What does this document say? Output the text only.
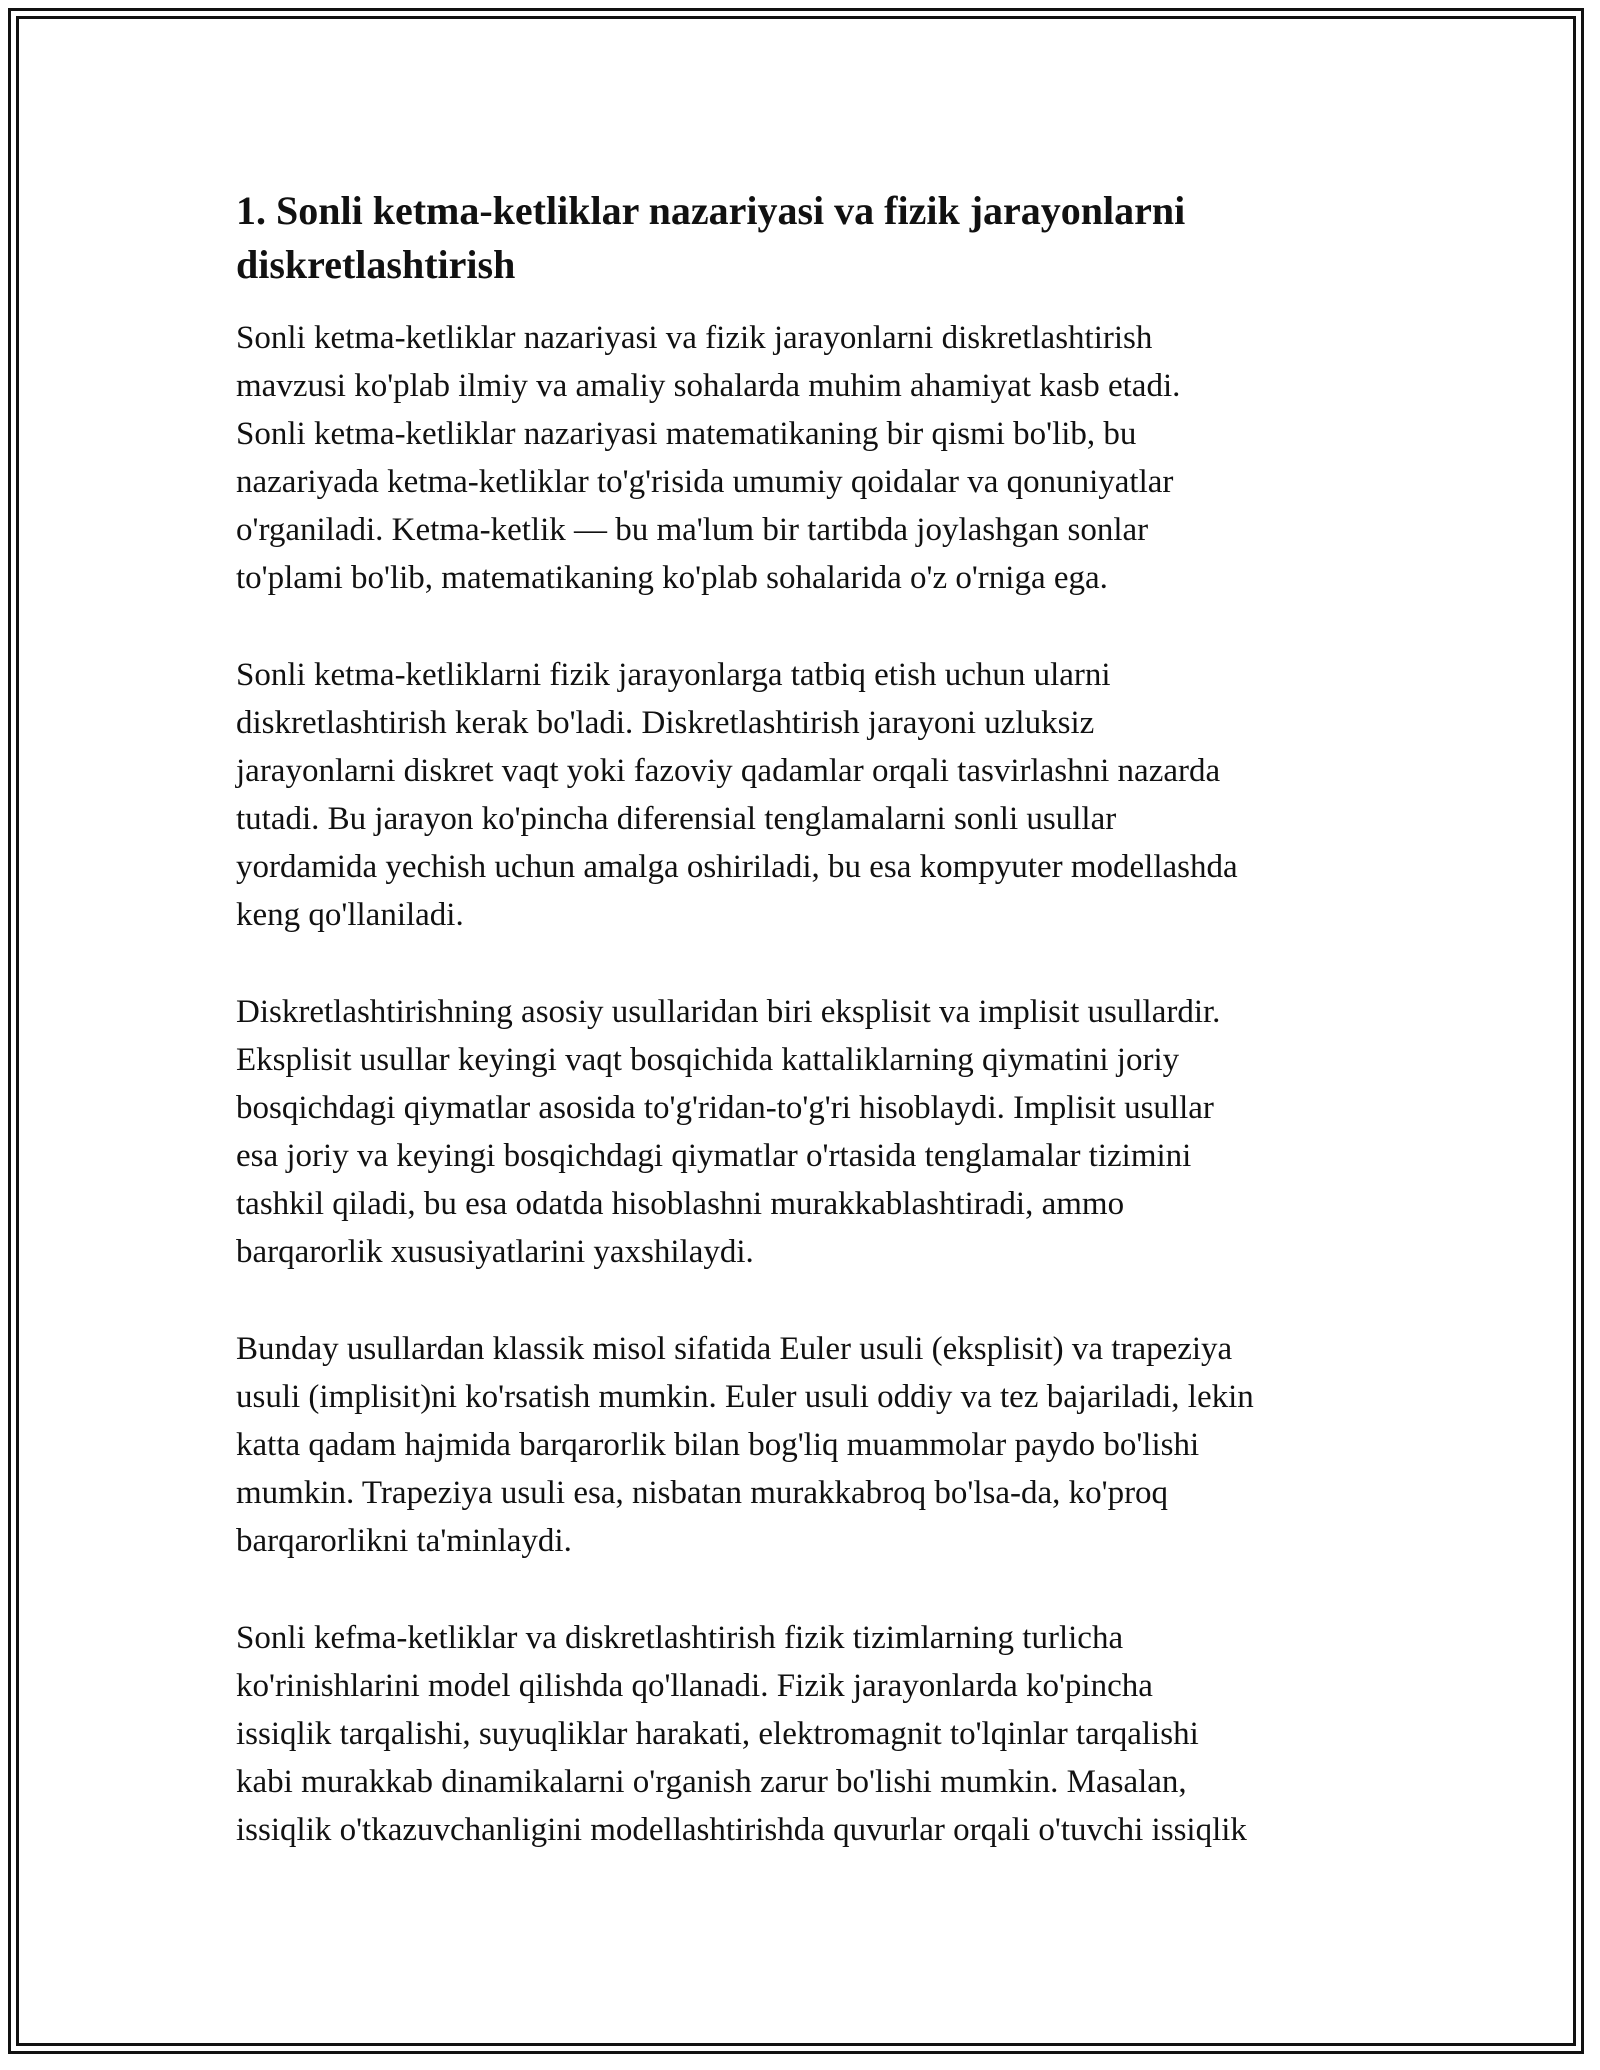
1. Sonli ketma-ketliklar nazariyasi va fizik jarayonlarni
diskretlashtirish

Sonli ketma-ketliklar nazariyasi va fizik jarayonlarni diskretlashtirish
mavzusi ko'plab ilmiy va amaliy sohalarda muhim ahamiyat kasb etadi.
Sonli ketma-ketliklar nazariyasi matematikaning bir qismi bo'lib, bu
nazariyada ketma-ketliklar to'g'risida umumiy qoidalar va qonuniyatlar
o'rganiladi. Ketma-ketlik — bu ma'lum bir tartibda joylashgan sonlar
to'plami bo'lib, matematikaning ko'plab sohalarida o'z o'rniga ega.

Sonli ketma-ketliklarni fizik jarayonlarga tatbiq etish uchun ularni
diskretlashtirish kerak bo'ladi. Diskretlashtirish jarayoni uzluksiz
jarayonlarni diskret vaqt yoki fazoviy qadamlar orqali tasvirlashni nazarda
tutadi. Bu jarayon ko'pincha diferensial tenglamalarni sonli usullar
yordamida yechish uchun amalga oshiriladi, bu esa kompyuter modellashda
keng qo'llaniladi.

Diskretlashtirishning asosiy usullaridan biri eksplisit va implisit usullardir.
Eksplisit usullar keyingi vaqt bosqichida kattaliklarning qiymatini joriy
bosqichdagi qiymatlar asosida to'g'ridan-to'g'ri hisoblaydi. Implisit usullar
esa joriy va keyingi bosqichdagi qiymatlar o'rtasida tenglamalar tizimini
tashkil qiladi, bu esa odatda hisoblashni murakkablashtiradi, ammo
barqarorlik xususiyatlarini yaxshilaydi.

Bunday usullardan klassik misol sifatida Euler usuli (eksplisit) va trapeziya
usuli (implisit)ni ko'rsatish mumkin. Euler usuli oddiy va tez bajariladi, lekin
katta qadam hajmida barqarorlik bilan bog'liq muammolar paydo bo'lishi
mumkin. Trapeziya usuli esa, nisbatan murakkabroq bo'lsa-da, ko'proq
barqarorlikni ta'minlaydi.

Sonli kefma-ketliklar va diskretlashtirish fizik tizimlarning turlicha
ko'rinishlarini model qilishda qo'llanadi. Fizik jarayonlarda ko'pincha
issiqlik tarqalishi, suyuqliklar harakati, elektromagnit to'lqinlar tarqalishi
kabi murakkab dinamikalarni o'rganish zarur bo'lishi mumkin. Masalan,
issiqlik o'tkazuvchanligini modellashtirishda quvurlar orqali o'tuvchi issiqlik
